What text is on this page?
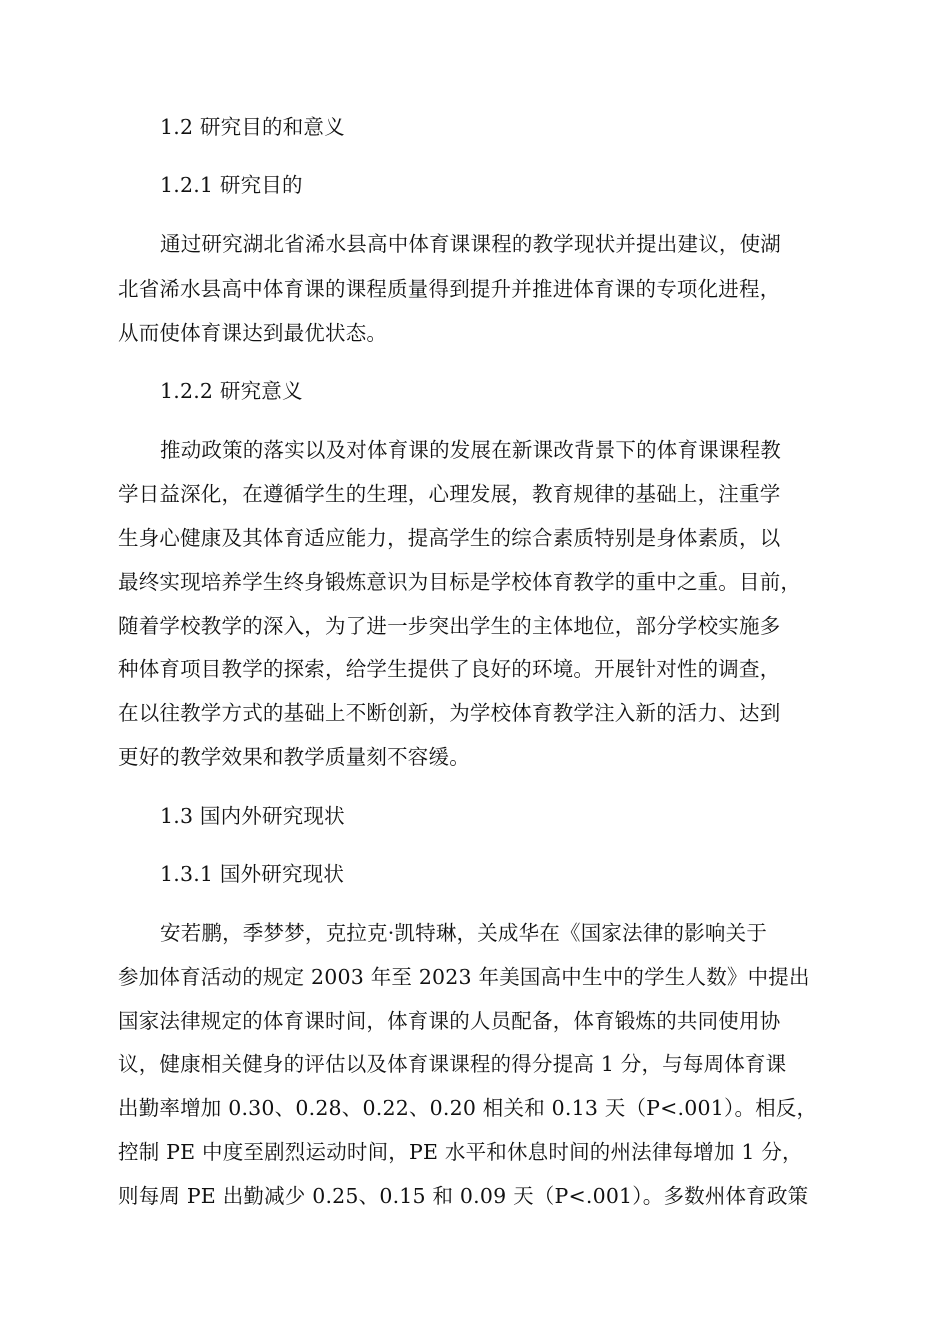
1.2 研究目的和意义
1.2.1 研究目的
通过研究湖北省浠水县高中体育课课程的教学现状并提出建议，使湖
北省浠水县高中体育课的课程质量得到提升并推进体育课的专项化进程，
从而使体育课达到最优状态。
1.2.2 研究意义
推动政策的落实以及对体育课的发展在新课改背景下的体育课课程教
学日益深化，在遵循学生的生理，心理发展，教育规律的基础上，注重学
生身心健康及其体育适应能力，提高学生的综合素质特别是身体素质，以
最终实现培养学生终身锻炼意识为目标是学校体育教学的重中之重。目前，
随着学校教学的深入，为了进一步突出学生的主体地位，部分学校实施多
种体育项目教学的探索，给学生提供了良好的环境。开展针对性的调查，
在以往教学方式的基础上不断创新，为学校体育教学注入新的活力、达到
更好的教学效果和教学质量刻不容缓。
1.3 国内外研究现状
1.3.1 国外研究现状
安若鹏，季梦梦，克拉克·凯特琳，关成华在《国家法律的影响关于
参加体育活动的规定 2003 年至 2023 年美国高中生中的学生人数》中提出
国家法律规定的体育课时间，体育课的人员配备，体育锻炼的共同使用协
议，健康相关健身的评估以及体育课课程的得分提高 1 分，与每周体育课
出勤率增加 0.30、0.28、0.22、0.20 相关和 0.13 天（P<.001）。相反，
控制 PE 中度至剧烈运动时间，PE 水平和休息时间的州法律每增加 1 分，
则每周 PE 出勤减少 0.25、0.15 和 0.09 天（P<.001）。多数州体育政策
